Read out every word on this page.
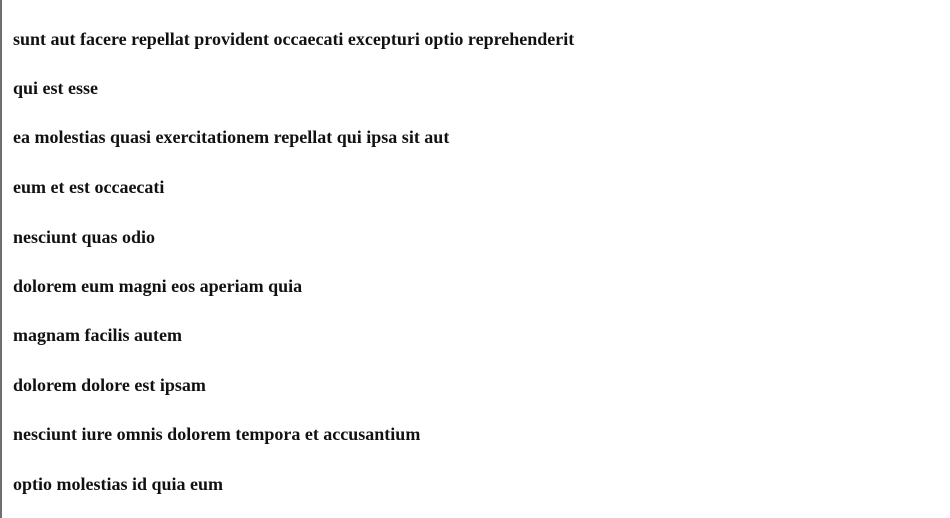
sunt aut facere repellat provident occaecati excepturi optio reprehenderit
qui est esse
ea molestias quasi exercitationem repellat qui ipsa sit aut
eum et est occaecati
nesciunt quas odio
dolorem eum magni eos aperiam quia
magnam facilis autem
dolorem dolore est ipsam
nesciunt iure omnis dolorem tempora et accusantium
optio molestias id quia eum
